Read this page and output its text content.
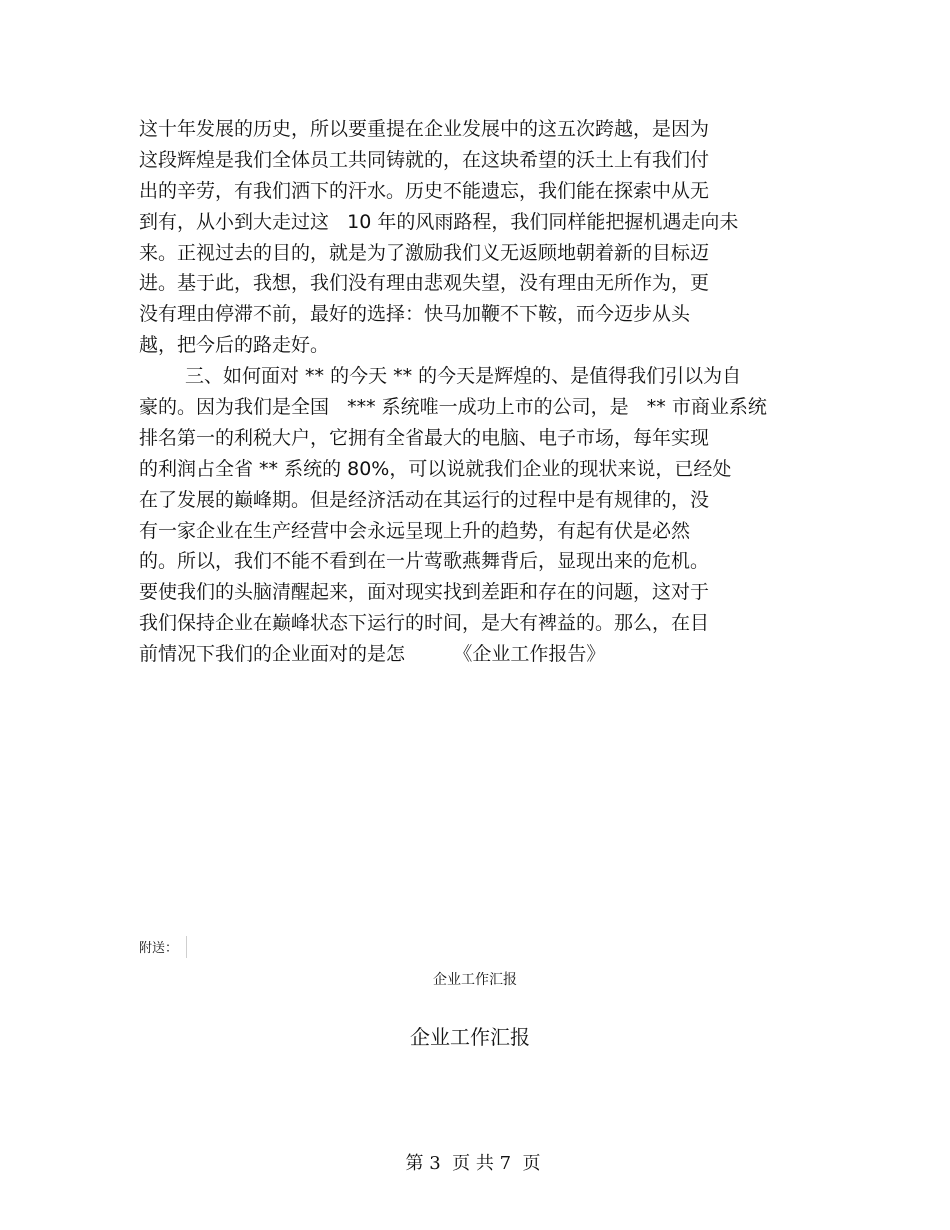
这十年发展的历史，所以要重提在企业发展中的这五次跨越，是因为
这段辉煌是我们全体员工共同铸就的，在这块希望的沃土上有我们付
出的辛劳，有我们洒下的汗水。历史不能遗忘，我们能在探索中从无
到有，从小到大走过这   10 年的风雨路程，我们同样能把握机遇走向未
来。正视过去的目的，就是为了激励我们义无返顾地朝着新的目标迈
进。基于此，我想，我们没有理由悲观失望，没有理由无所作为，更
没有理由停滞不前，最好的选择：快马加鞭不下鞍，而今迈步从头
越，把今后的路走好。
三、如何面对 ** 的今天 ** 的今天是辉煌的、是值得我们引以为自
豪的。因为我们是全国   *** 系统唯一成功上市的公司，是   ** 市商业系统
排名第一的利税大户，它拥有全省最大的电脑、电子市场，每年实现
的利润占全省 ** 系统的 80%，可以说就我们企业的现状来说，已经处
在了发展的巅峰期。但是经济活动在其运行的过程中是有规律的，没
有一家企业在生产经营中会永远呈现上升的趋势，有起有伏是必然
的。所以，我们不能不看到在一片莺歌燕舞背后，显现出来的危机。
要使我们的头脑清醒起来，面对现实找到差距和存在的问题，这对于
我们保持企业在巅峰状态下运行的时间，是大有裨益的。那么，在目
前情况下我们的企业面对的是怎        《企业工作报告》
附送：
企业工作汇报
企业工作汇报
第 3  页 共 7  页
